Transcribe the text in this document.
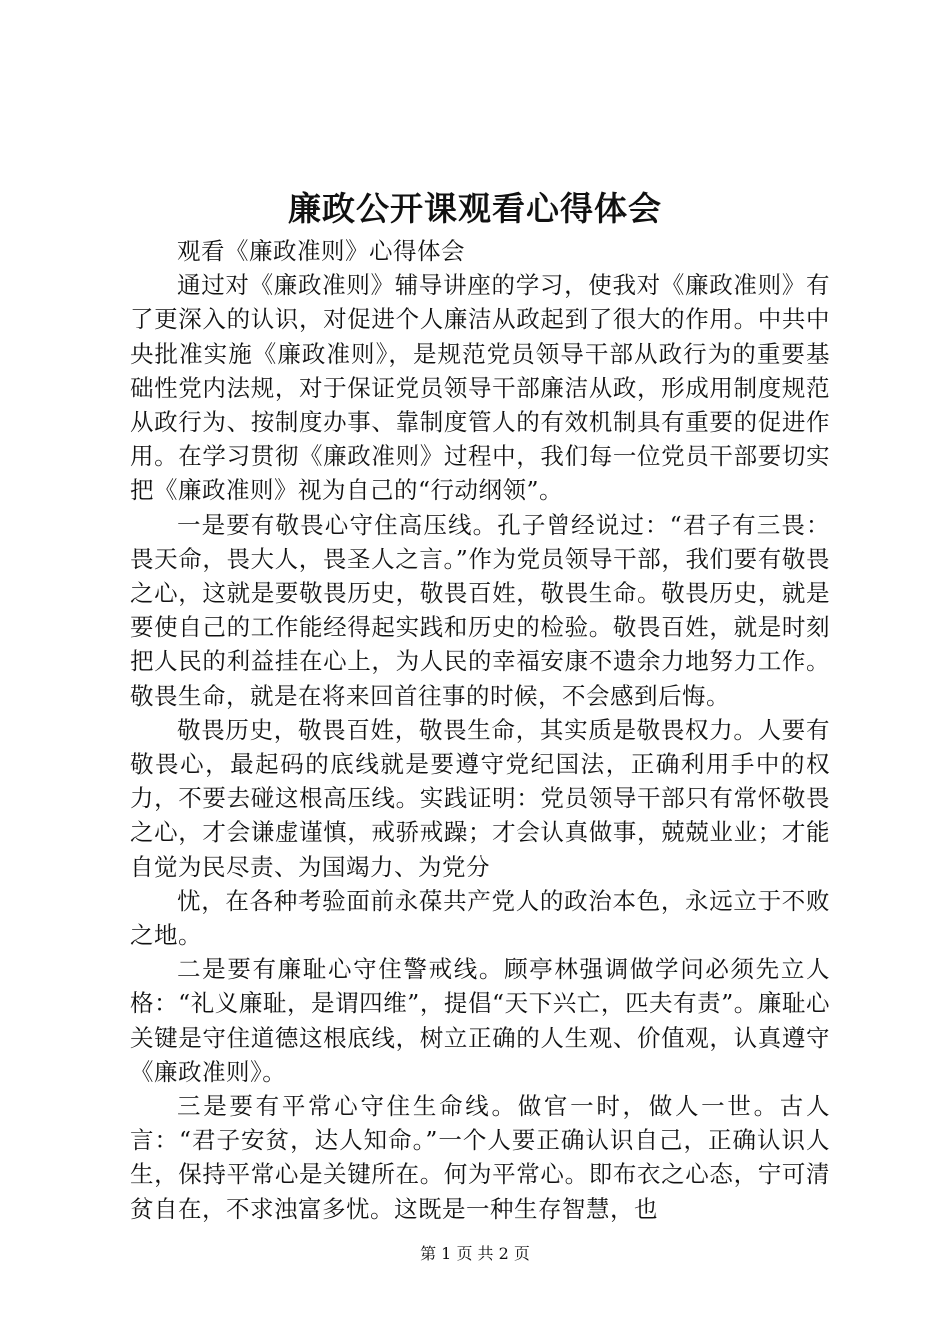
廉政公开课观看心得体会

观看《廉政准则》心得体会

通过对《廉政准则》辅导讲座的学习，使我对《廉政准则》有了更深入的认识，对促进个人廉洁从政起到了很大的作用。中共中央批准实施《廉政准则》，是规范党员领导干部从政行为的重要基础性党内法规，对于保证党员领导干部廉洁从政，形成用制度规范从政行为、按制度办事、靠制度管人的有效机制具有重要的促进作用。在学习贯彻《廉政准则》过程中，我们每一位党员干部要切实把《廉政准则》视为自己的“行动纲领”。

一是要有敬畏心守住高压线。孔子曾经说过：“君子有三畏：畏天命，畏大人，畏圣人之言。”作为党员领导干部，我们要有敬畏之心，这就是要敬畏历史，敬畏百姓，敬畏生命。敬畏历史，就是要使自己的工作能经得起实践和历史的检验。敬畏百姓，就是时刻把人民的利益挂在心上，为人民的幸福安康不遗余力地努力工作。敬畏生命，就是在将来回首往事的时候，不会感到后悔。

敬畏历史，敬畏百姓，敬畏生命，其实质是敬畏权力。人要有敬畏心，最起码的底线就是要遵守党纪国法，正确利用手中的权力，不要去碰这根高压线。实践证明：党员领导干部只有常怀敬畏之心，才会谦虚谨慎，戒骄戒躁；才会认真做事，兢兢业业；才能自觉为民尽责、为国竭力、为党分

忧，在各种考验面前永葆共产党人的政治本色，永远立于不败之地。

二是要有廉耻心守住警戒线。顾亭林强调做学问必须先立人格：“礼义廉耻，是谓四维”，提倡“天下兴亡，匹夫有责”。廉耻心关键是守住道德这根底线，树立正确的人生观、价值观，认真遵守《廉政准则》。

三是要有平常心守住生命线。做官一时，做人一世。古人言：“君子安贫，达人知命。”一个人要正确认识自己，正确认识人生，保持平常心是关键所在。何为平常心。即布衣之心态，宁可清贫自在，不求浊富多忧。这既是一种生存智慧，也

第 1 页 共 2 页
